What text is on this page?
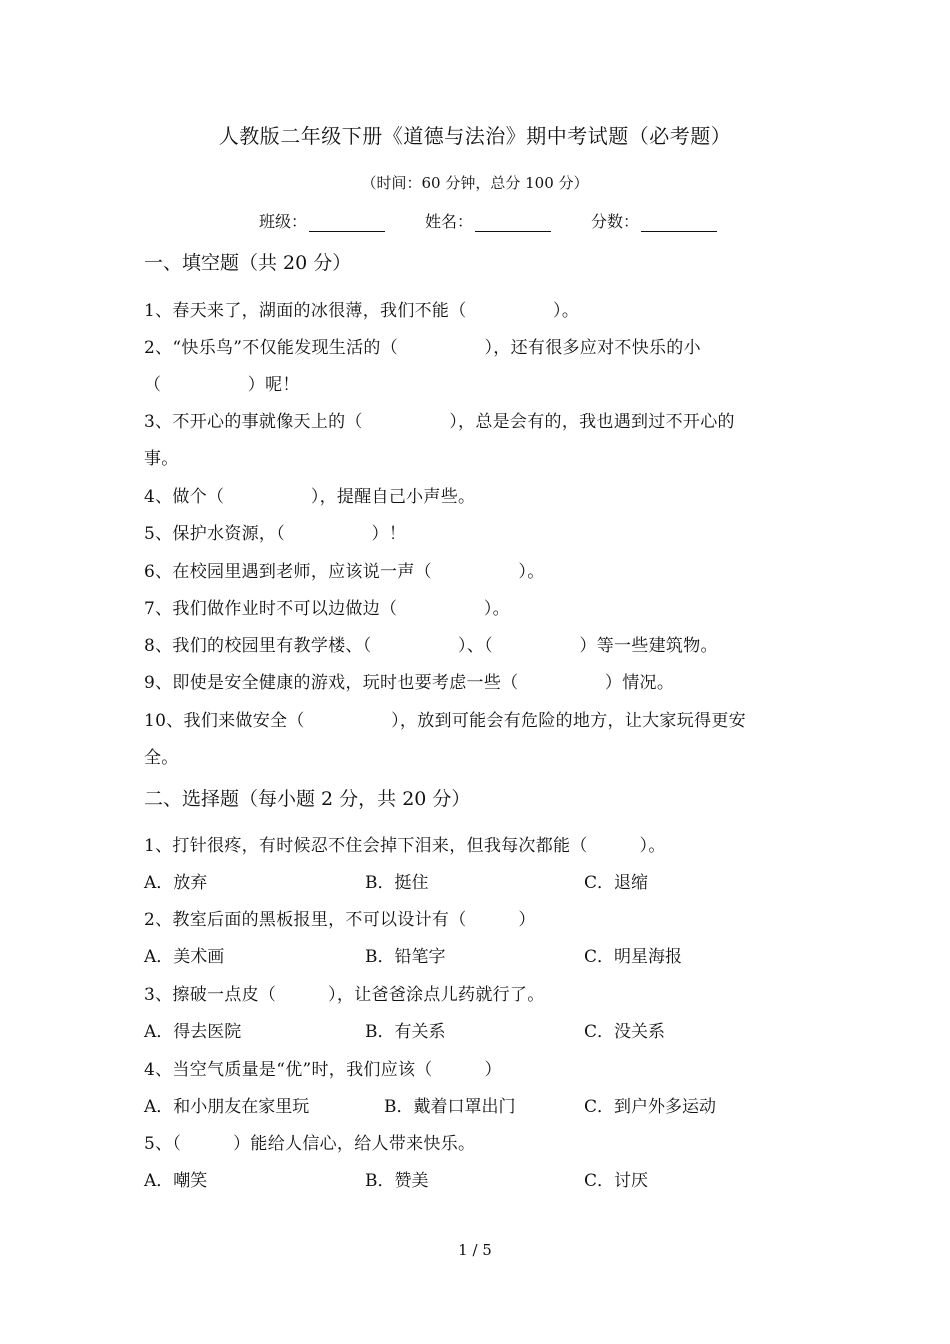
人教版二年级下册《道德与法治》期中考试题（必考题）
（时间：60 分钟，总分 100 分）
班级：	姓名：	分数：
一、填空题（共 20 分）
1、春天来了，湖面的冰很薄，我们不能（　　　　　）。
2、“快乐鸟”不仅能发现生活的（　　　　　），还有很多应对不快乐的小
（　　　　　）呢！
3、不开心的事就像天上的（　　　　　），总是会有的，我也遇到过不开心的
事。
4、做个（　　　　　），提醒自己小声些。
5、保护水资源，（　　　　　）！
6、在校园里遇到老师，应该说一声（　　　　　）。
7、我们做作业时不可以边做边（　　　　　）。
8、我们的校园里有教学楼、（　　　　　）、（　　　　　）等一些建筑物。
9、即使是安全健康的游戏，玩时也要考虑一些（　　　　　）情况。
10、我们来做安全（　　　　　），放到可能会有危险的地方，让大家玩得更安
全。
二、选择题（每小题 2 分，共 20 分）
1、打针很疼，有时候忍不住会掉下泪来，但我每次都能（　　　）。
A．放弃	B．挺住	C．退缩
2、教室后面的黑板报里，不可以设计有（　　　）
A．美术画	B．铅笔字	C．明星海报
3、擦破一点皮（　　　），让爸爸涂点儿药就行了。
A．得去医院	B．有关系	C．没关系
4、当空气质量是“优”时，我们应该（　　　）
A．和小朋友在家里玩	B．戴着口罩出门	C．到户外多运动
5、（　　　）能给人信心，给人带来快乐。
A．嘲笑	B．赞美	C．讨厌
1 / 5
